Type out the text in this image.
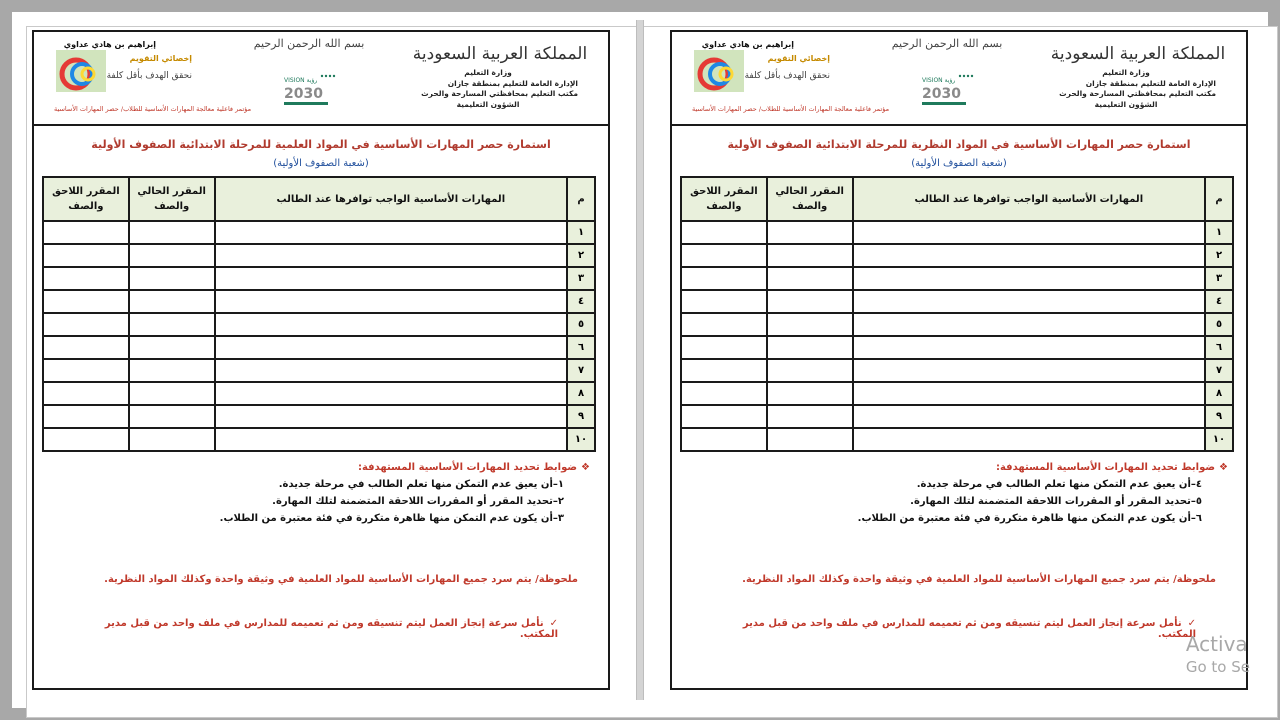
بسم الله الرحمن الرحيم
المملكة العربية السعودية
وزارة التعليم
الإدارة العامة للتعليم بمنطقة جازان
مكتب التعليم بمحافظتي المسارحة والحرث

الشؤون التعليمية
إبراهيم بن هادي عداوي
إخصائي التقويم
نحقق الهدف بأقل كلفة	VISION رؤية
2030
مؤتمر فاعلية معالجة المهارات الأساسية للطلاب/ حصر المهارات الأساسية
استمارة حصر المهارات الأساسية في المواد العلمية للمرحلة الابتدائية الصفوف الأولية
(شعبة الصفوف الأولية)
م	المهارات الأساسية الواجب توافرها عند الطالب	المقرر الحالي والصف	المقرر اللاحق والصف
١			
٢			
٣			
٤			
٥			
٦			
٧			
٨			
٩			
١٠			
❖ضوابط تحديد المهارات الأساسية المستهدفة:
١–أن يعيق عدم التمكن منها تعلم الطالب في مرحلة جديدة.
٢–تحديد المقرر أو المقررات اللاحقة المتضمنة لتلك المهارة.
٣–أن يكون عدم التمكن منها ظاهرة متكررة في فئة معتبرة من الطلاب.
ملحوظة/ يتم سرد جميع المهارات الأساسية للمواد العلمية في وثيقة واحدة وكذلك المواد النظرية.
✓نأمل سرعة إنجاز العمل ليتم تنسيقه ومن ثم تعميمه للمدارس في ملف واحد من قبل مدير المكتب.
بسم الله الرحمن الرحيم
المملكة العربية السعودية
وزارة التعليم
الإدارة العامة للتعليم بمنطقة جازان
مكتب التعليم بمحافظتي المسارحة والحرث

الشؤون التعليمية
إبراهيم بن هادي عداوي
إخصائي التقويم
نحقق الهدف بأقل كلفة	VISION رؤية
2030
مؤتمر فاعلية معالجة المهارات الأساسية للطلاب/ حصر المهارات الأساسية
استمارة حصر المهارات الأساسية في المواد النظرية للمرحلة الابتدائية الصفوف الأولية
(شعبة الصفوف الأولية)
م	المهارات الأساسية الواجب توافرها عند الطالب	المقرر الحالي والصف	المقرر اللاحق والصف
١			
٢			
٣			
٤			
٥			
٦			
٧			
٨			
٩			
١٠			
❖ضوابط تحديد المهارات الأساسية المستهدفة:
٤–أن يعيق عدم التمكن منها تعلم الطالب في مرحلة جديدة.
٥–تحديد المقرر أو المقررات اللاحقة المتضمنة لتلك المهارة.
٦–أن يكون عدم التمكن منها ظاهرة متكررة في فئة معتبرة من الطلاب.
ملحوظة/ يتم سرد جميع المهارات الأساسية للمواد العلمية في وثيقة واحدة وكذلك المواد النظرية.
✓نأمل سرعة إنجاز العمل ليتم تنسيقه ومن ثم تعميمه للمدارس في ملف واحد من قبل مدير المكتب.
Activa
Go to Se
